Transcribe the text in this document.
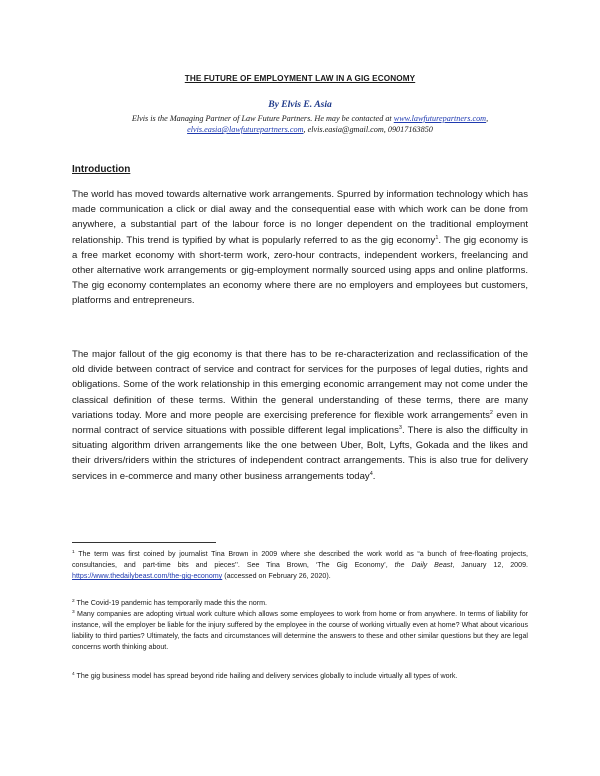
THE FUTURE OF EMPLOYMENT LAW IN A GIG ECONOMY
By Elvis E. Asia
Elvis is the Managing Partner of Law Future Partners. He may be contacted at www.lawfuturepartners.com, elvis.easia@lawfuturepartners.com, elvis.easia@gmail.com, 09017163850
Introduction

The world has moved towards alternative work arrangements. Spurred by information technology which has made communication a click or dial away and the consequential ease with which work can be done from anywhere, a substantial part of the labour force is no longer dependent on the traditional employment relationship. This trend is typified by what is popularly referred to as the gig economy$^1$. The gig economy is a free market economy with short-term work, zero-hour contracts, independent workers, freelancing and other alternative work arrangements or gig-employment normally sourced using apps and online platforms. The gig economy contemplates an economy where there are no employers and employees but customers, platforms and entrepreneurs.

The major fallout of the gig economy is that there has to be re-characterization and reclassification of the old divide between contract of service and contract for services for the purposes of legal duties, rights and obligations. Some of the work relationship in this emerging economic arrangement may not come under the classical definition of these terms. Within the general understanding of these terms, there are many variations today. More and more people are exercising preference for flexible work arrangements$^2$ even in normal contract of service situations with possible different legal implications$^3$. There is also the difficulty in situating algorithm driven arrangements like the one between Uber, Bolt, Lyfts, Gokada and the likes and their drivers/riders within the strictures of independent contract arrangements. This is also true for delivery services in e-commerce and many other business arrangements today$^4$.

$^1$ The term was first coined by journalist Tina Brown in 2009 where she described the work world as “a bunch of free-floating projects, consultancies, and part-time bits and pieces’’. See Tina Brown, ‘The Gig Economy’, the Daily Beast, January 12, 2009. https://www.thedailybeast.com/the-gig-economy (accessed on February 26, 2020).

$^2$ The Covid-19 pandemic has temporarily made this the norm.

$^3$ Many companies are adopting virtual work culture which allows some employees to work from home or from anywhere. In terms of liability for instance, will the employer be liable for the injury suffered by the employee in the course of working virtually even at home? What about vicarious liability to third parties? Ultimately, the facts and circumstances will determine the answers to these and other similar questions but they are legal concerns worth thinking about.

$^4$ The gig business model has spread beyond ride hailing and delivery services globally to include virtually all types of work.
